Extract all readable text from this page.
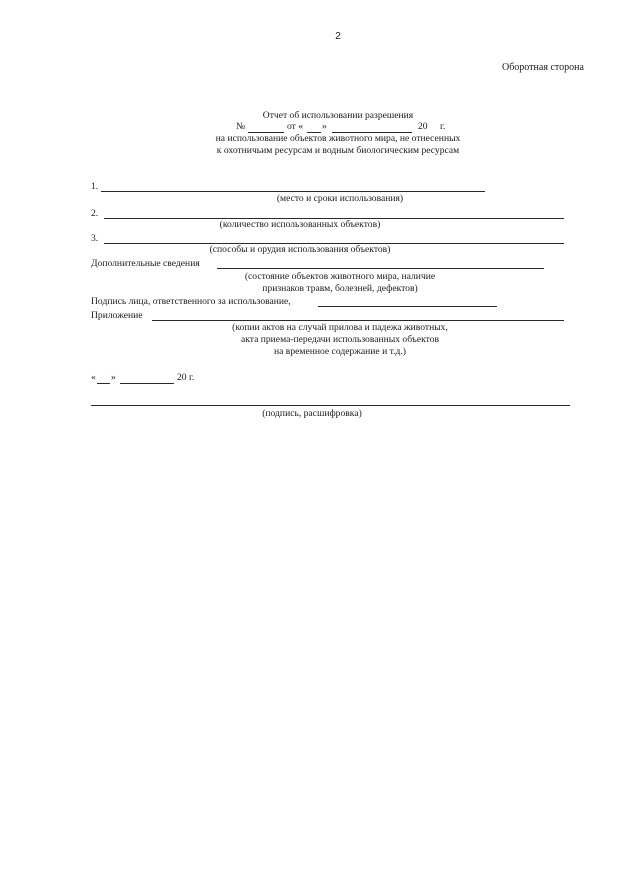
2
Оборотная сторона
Отчет об использовании разрешения
№	от « »	20 г.
на использование объектов животного мира, не отнесенных
к охотничьим ресурсам и водным биологическим ресурсам
1.
(место и сроки использования)
2.
(количество использованных объектов)
3.
(способы и орудия использования объектов)
Дополнительные сведения
(состояние объектов животного мира, наличие
признаков травм, болезней, дефектов)
Подпись лица, ответственного за использование,
Приложение
(копии актов на случай прилова и падежа животных,
акта приема-передачи использованных объектов
на временное содержание и т.д.)
« »	20 г.
(подпись, расшифровка)
